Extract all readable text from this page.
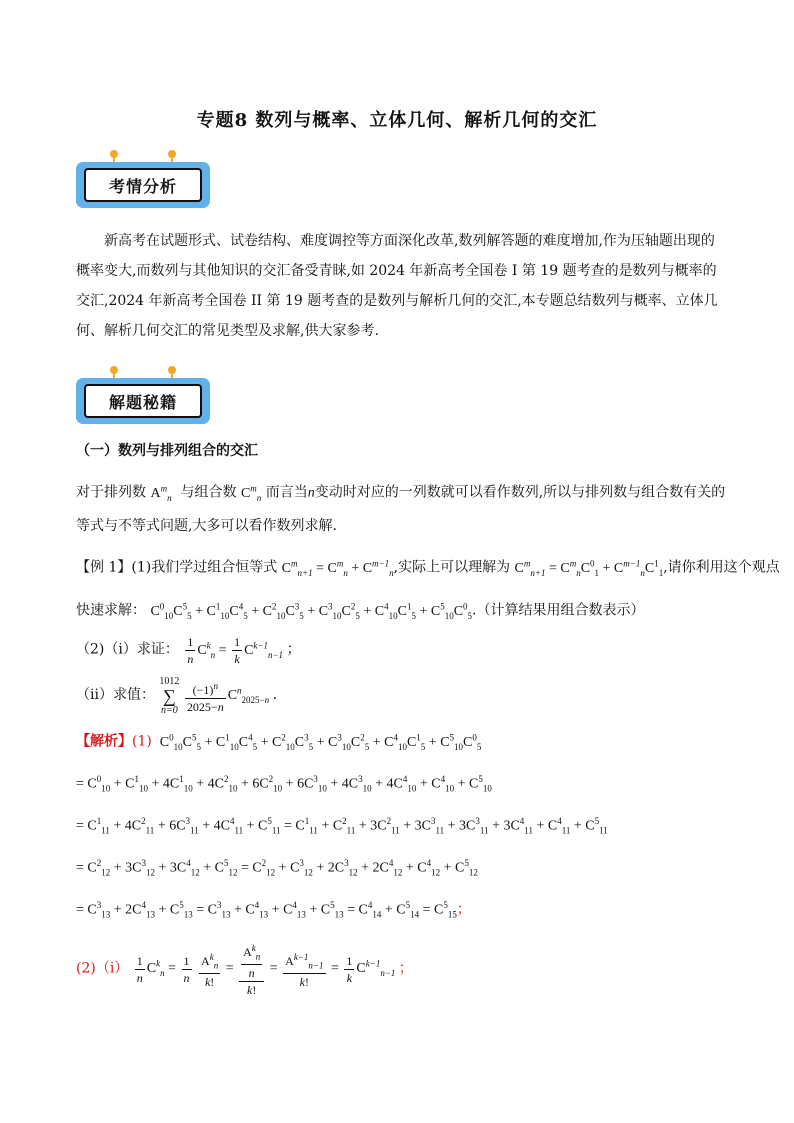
专题8 数列与概率、立体几何、解析几何的交汇
考情分析
新高考在试题形式、试卷结构、难度调控等方面深化改革,数列解答题的难度增加,作为压轴题出现的概率变大,而数列与其他知识的交汇备受青睐,如 2024 年新高考全国卷 I 第 19 题考查的是数列与概率的交汇,2024 年新高考全国卷 II 第 19 题考查的是数列与解析几何的交汇,本专题总结数列与概率、立体几何、解析几何交汇的常见类型及求解,供大家参考.
解题秘籍
（一）数列与排列组合的交汇
对于排列数 $A^m_n$ 与组合数 $C^m_n$ 而言当n变动时对应的一列数就可以看作数列,所以与排列数与组合数有关的
等式与不等式问题,大多可以看作数列求解.
【例 1】(1)我们学过组合恒等式 $C^m_{n+1} = C^m_n + C^{m-1}_n$,实际上可以理解为 $C^m_{n+1} = C^m_nC^0_1 + C^{m-1}_nC^1_1$,请你利用这个观点
快速求解： $C^0_{10}C^5_5 + C^1_{10}C^4_5 + C^2_{10}C^3_5 + C^3_{10}C^2_5 + C^4_{10}C^1_5 + C^5_{10}C^0_5$.（计算结果用组合数表示）
（2)（i）求证： $\frac{1}{n} C^k_n = \frac{1}{k} C^{k-1}_{n-1}$ ；
（ii）求值：
1012
∑
n=0
$\frac{(-1)^n}{2025-n} C^n_{2025-n}$ .
【解析】(1)  $C^0_{10}C^5_5 + C^1_{10}C^4_5 + C^2_{10}C^3_5 + C^3_{10}C^2_5 + C^4_{10}C^1_5 + C^5_{10}C^0_5$
= $C^0_{10} + C^1_{10} + 4C^1_{10} + 4C^2_{10} + 6C^2_{10} + 6C^3_{10} + 4C^3_{10} + 4C^4_{10} + C^4_{10} + C^5_{10}$
= $C^1_{11} + 4C^2_{11} + 6C^3_{11} + 4C^4_{11} + C^5_{11} = C^1_{11} + C^2_{11} + 3C^2_{11} + 3C^3_{11} + 3C^3_{11} + 3C^4_{11} + C^4_{11} + C^5_{11}$
= $C^2_{12} + 3C^3_{12} + 3C^4_{12} + C^5_{12} = C^2_{12} + C^3_{12} + 2C^3_{12} + 2C^4_{12} + C^4_{12} + C^5_{12}$
= $C^3_{13} + 2C^4_{13} + C^5_{13} = C^3_{13} + C^4_{13} + C^4_{13} + C^5_{13} = C^4_{14} + C^5_{14} = C^5_{15}$；
$(2)(i) \frac{1}{n} C^k_n = \frac{1}{n}$
$\frac{A^k_n}{k!} = \frac{\frac{A^k_n}{n}}{k!} = \frac{A^{k-1}_{n-1}}{k!} = \frac{1}{k} C^{k-1}_{n-1}$ ；
